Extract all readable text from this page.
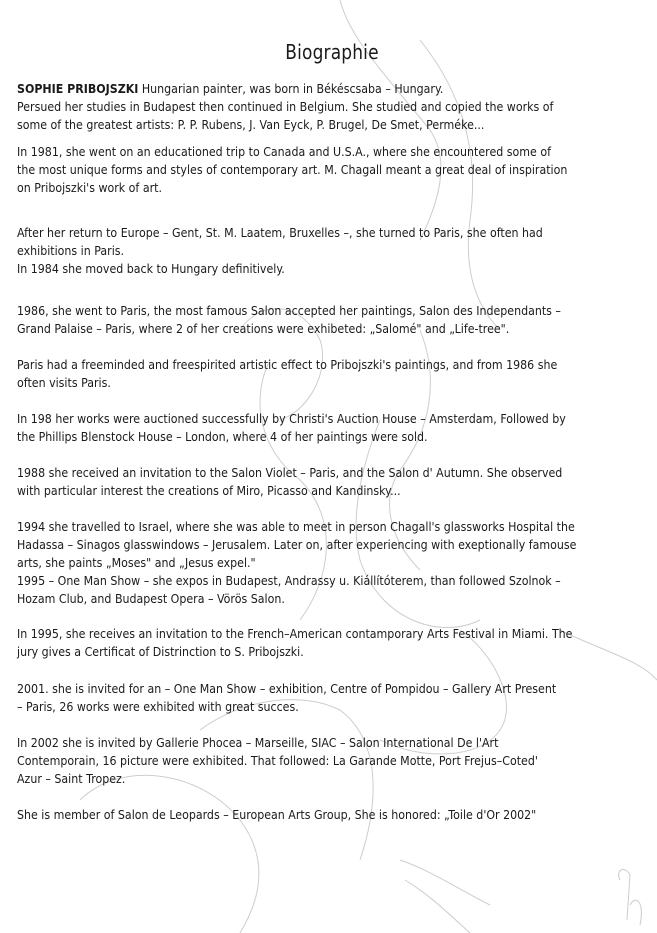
Biographie

SOPHIE PRIBOJSZKI Hungarian painter, was born in Békéscsaba – Hungary.
Persued her studies in Budapest then continued in Belgium. She studied and copied the works of
some of the greatest artists: P. P. Rubens, J. Van Eyck, P. Brugel, De Smet, Perméke...

In 1981, she went on an educationed trip to Canada and U.S.A., where she encountered some of
the most unique forms and styles of contemporary art. M. Chagall meant a great deal of inspiration
on Pribojszki's work of art.

After her return to Europe – Gent, St. M. Laatem, Bruxelles –, she turned to Paris, she often had
exhibitions in Paris.
In 1984 she moved back to Hungary definitively.

1986, she went to Paris, the most famous Salon accepted her paintings, Salon des Independants –
Grand Palaise – Paris, where 2 of her creations were exhibeted: „Salomé" and „Life-tree".

Paris had a freeminded and freespirited artistic effect to Pribojszki's paintings, and from 1986 she
often visits Paris.

In 198 her works were auctioned successfully by Christi's Auction House – Amsterdam, Followed by
the Phillips Blenstock House – London, where 4 of her paintings were sold.

1988 she received an invitation to the Salon Violet – Paris, and the Salon d' Autumn. She observed
with particular interest the creations of Miro, Picasso and Kandinsky...

1994 she travelled to Israel, where she was able to meet in person Chagall's glassworks Hospital the
Hadassa – Sinagos glasswindows – Jerusalem. Later on, after experiencing with exeptionally famouse
arts, she paints „Moses" and „Jesus expel."
1995 – One Man Show – she expos in Budapest, Andrassy u. Kiállítóterem, than followed Szolnok –
Hozam Club, and Budapest Opera – Vörös Salon.

In 1995, she receives an invitation to the French–American contamporary Arts Festival in Miami. The
jury gives a Certificat of Distrinction to S. Pribojszki.

2001. she is invited for an – One Man Show – exhibition, Centre of Pompidou – Gallery Art Present
– Paris, 26 works were exhibited with great succes.

In 2002 she is invited by Gallerie Phocea – Marseille, SIAC – Salon International De l'Art
Contemporain, 16 picture were exhibited. That followed: La Garande Motte, Port Frejus–Coted'
Azur – Saint Tropez.

She is member of Salon de Leopards – European Arts Group, She is honored: „Toile d'Or 2002"
